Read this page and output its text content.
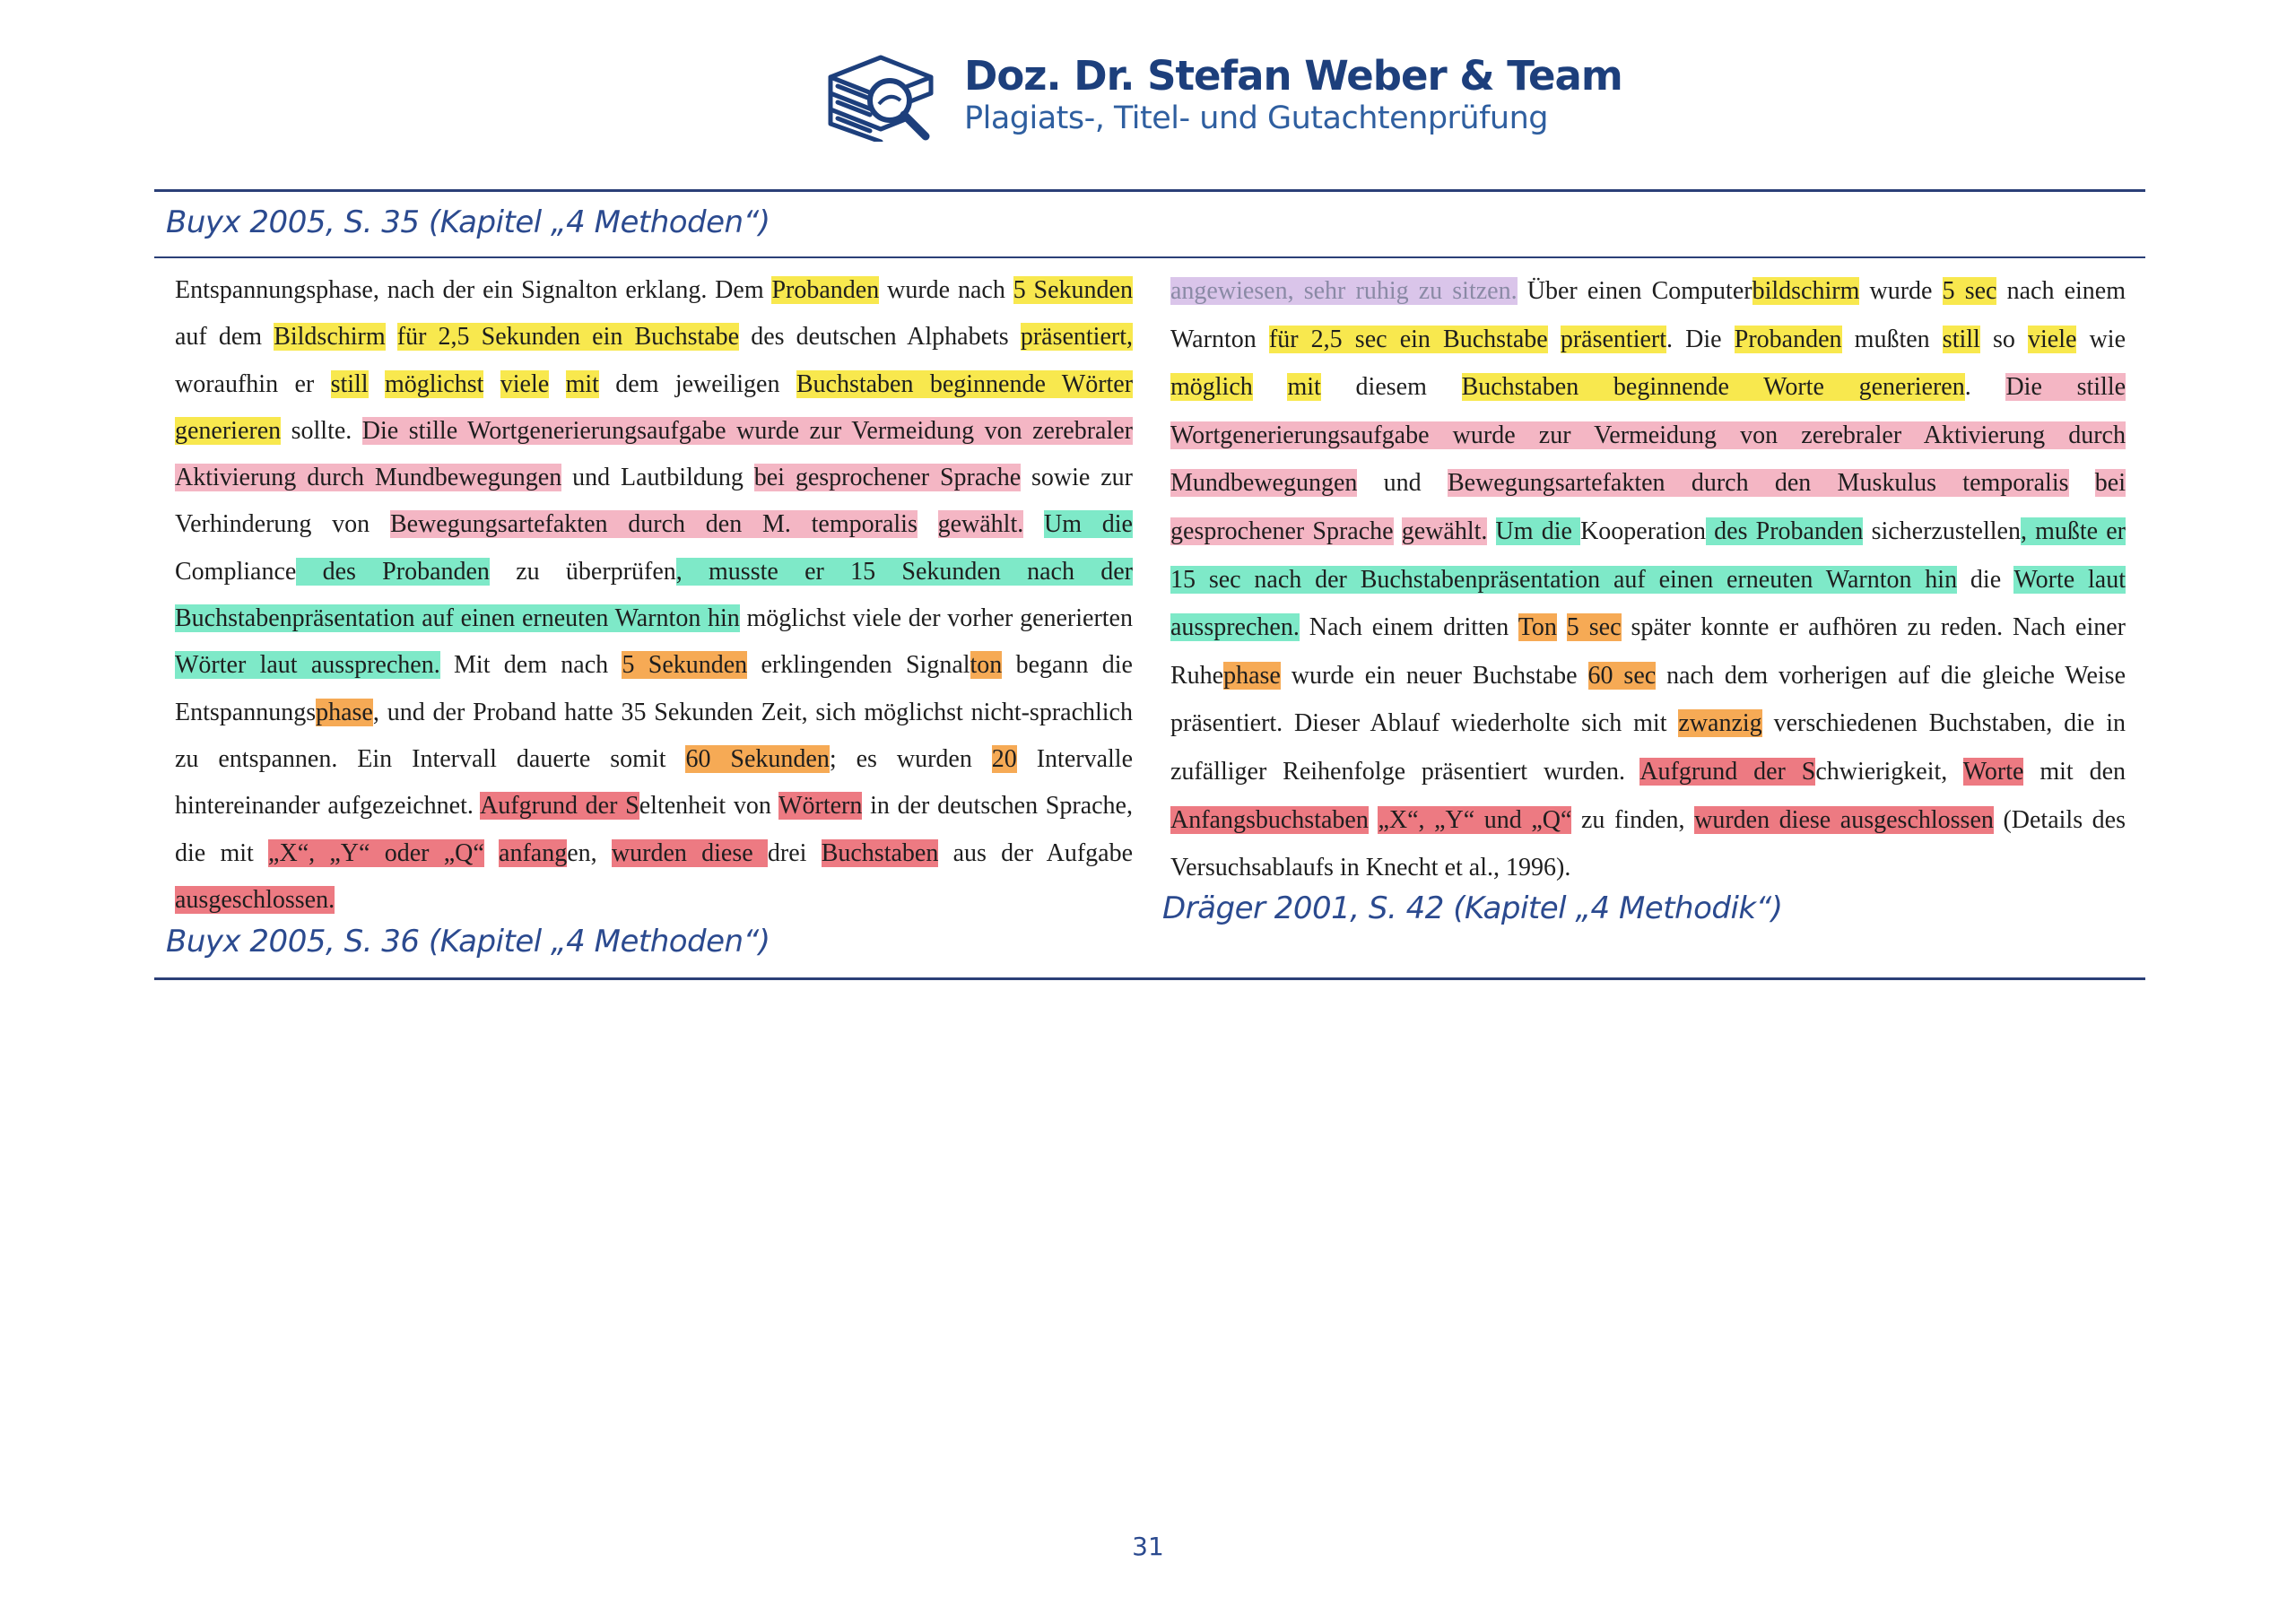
Doz. Dr. Stefan Weber & Team
Plagiats-, Titel- und Gutachtenprüfung
Buyx 2005, S. 35 (Kapitel „4 Methoden“)

Entspannungsphase, nach der ein Signalton erklang. Dem Probanden wurde nach 5 Sekunden auf dem Bildschirm für 2,5 Sekunden ein Buchstabe des deutschen Alphabets präsentiert, woraufhin er still möglichst viele mit dem jeweiligen Buchstaben beginnende Wörter generieren sollte. Die stille Wortgenerierungsaufgabe wurde zur Vermeidung von zerebraler Aktivierung durch Mundbewegungen und Lautbildung bei gesprochener Sprache sowie zur Verhinderung von Bewegungsartefakten durch den M. temporalis gewählt. Um die Compliance des Probanden zu überprüfen, musste er 15 Sekunden nach der Buchstabenpräsentation auf einen erneuten Warnton hin möglichst viele der vorher generierten Wörter laut aussprechen. Mit dem nach 5 Sekunden erklingenden Signalton begann die Entspannungsphase, und der Proband hatte 35 Sekunden Zeit, sich möglichst nicht-sprachlich zu entspannen. Ein Intervall dauerte somit 60 Sekunden; es wurden 20 Intervalle hintereinander aufgezeichnet. Aufgrund der Seltenheit von Wörtern in der deutschen Sprache, die mit „X“, „Y“ oder „Q“ anfangen, wurden diese drei Buchstaben aus der Aufgabe ausgeschlossen.

angewiesen, sehr ruhig zu sitzen. Über einen Computerbildschirm wurde 5 sec nach einem Warnton für 2,5 sec ein Buchstabe präsentiert. Die Probanden mußten still so viele wie möglich mit diesem Buchstaben beginnende Worte generieren. Die stille Wortgenerierungsaufgabe wurde zur Vermeidung von zerebraler Aktivierung durch Mundbewegungen und Bewegungsartefakten durch den Muskulus temporalis bei gesprochener Sprache gewählt. Um die Kooperation des Probanden sicherzustellen, mußte er 15 sec nach der Buchstabenpräsentation auf einen erneuten Warnton hin die Worte laut aussprechen. Nach einem dritten Ton 5 sec später konnte er aufhören zu reden. Nach einer Ruhephase wurde ein neuer Buchstabe 60 sec nach dem vorherigen auf die gleiche Weise präsentiert. Dieser Ablauf wiederholte sich mit zwanzig verschiedenen Buchstaben, die in zufälliger Reihenfolge präsentiert wurden. Aufgrund der Schwierigkeit, Worte mit den Anfangsbuchstaben „X“, „Y“ und „Q“ zu finden, wurden diese ausgeschlossen (Details des Versuchsablaufs in Knecht et al., 1996).

Buyx 2005, S. 36 (Kapitel „4 Methoden“)
Dräger 2001, S. 42 (Kapitel „4 Methodik“)
31
